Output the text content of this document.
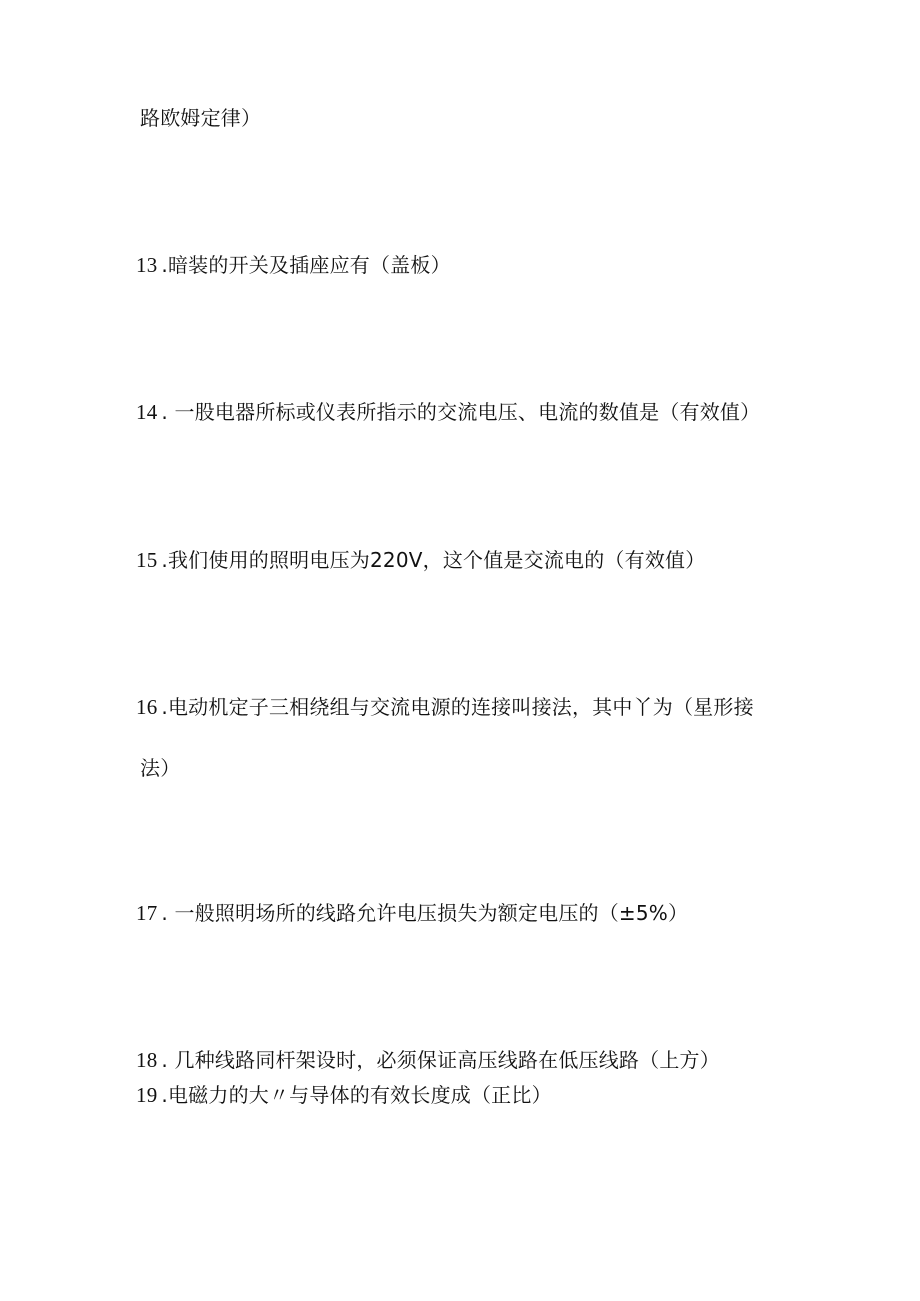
路欧姆定律）
13 .暗装的开关及插座应有（盖板）
14 . 一股电器所标或仪表所指示的交流电压、电流的数值是（有效值）
15 .我们使用的照明电压为220V，这个值是交流电的（有效值）
16 .电动机定子三相绕组与交流电源的连接叫接法，其中丫为（星形接
法）
17 . 一般照明场所的线路允许电压损失为额定电压的（±5%）
18 . 几种线路同杆架设时，必须保证高压线路在低压线路（上方）
19 .电磁力的大〃与导体的有效长度成（正比）
